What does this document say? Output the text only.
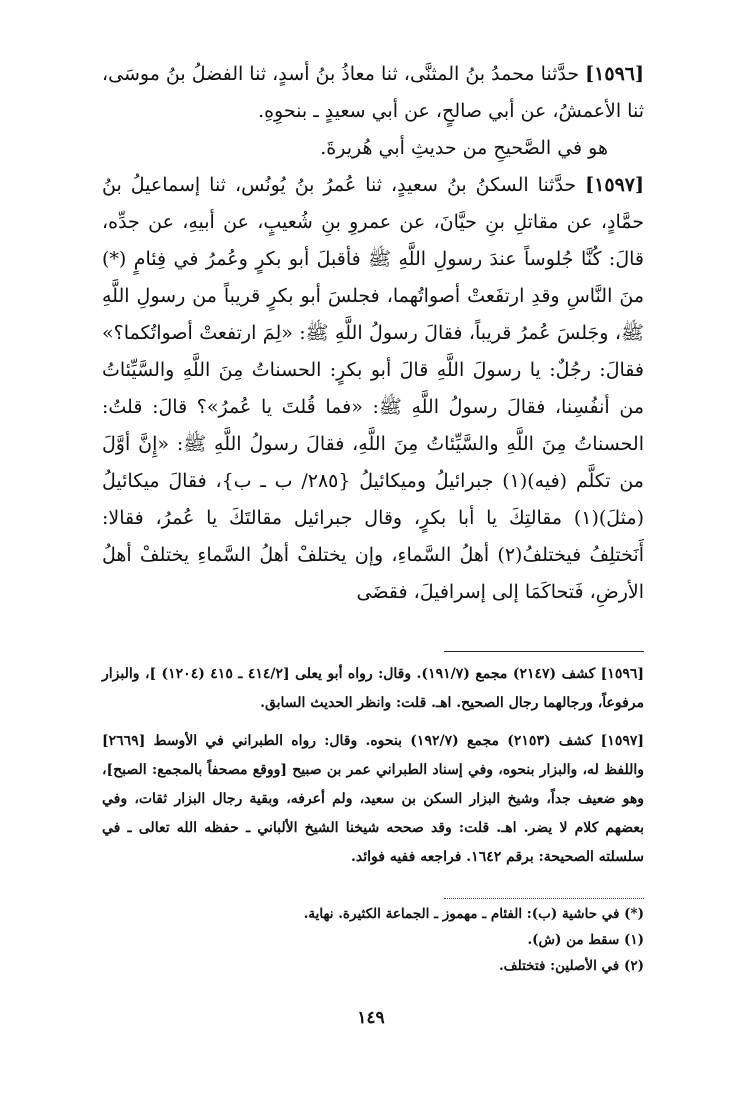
[١٥٩٦] حدَّثنا محمدُ بنُ المثنَّى، ثنا معاذُ بنُ أسدٍ، ثنا الفضلُ بنُ موسَى، ثنا الأعمشُ، عن أبي صالحٍ، عن أبي سعيدٍ ـ بنحوِهِ.

هو في الصَّحيحِ من حديثِ أبي هُريرةَ.

[١٥٩٧] حدَّثنا السكنُ بنُ سعيدٍ، ثنا عُمرُ بنُ يُونُس، ثنا إسماعيلُ بنُ حمَّادٍ، عن مقاتلِ بنِ حيَّانَ، عن عمروِ بنِ شُعيبٍ، عن أبيهِ، عن جدِّه، قالَ: كُنَّا جُلوساً عندَ رسولِ اللَّهِ ﷺ فأقبلَ أبو بكرٍ وعُمرُ في فِئامٍ (*) منَ النَّاسِ وقدِ ارتفَعتْ أصواتُهما، فجلسَ أبو بكرٍ قريباً من رسولِ اللَّهِ ﷺ، وجَلسَ عُمرُ قريباً، فقالَ رسولُ اللَّهِ ﷺ: «لِمَ ارتفعتْ أصواتُكما؟» فقالَ: رجُلٌ: يا رسولَ اللَّهِ قالَ أبو بكرٍ: الحسناتُ مِنَ اللَّهِ والسَّيِّئاتُ من أنفُسِنا، فقالَ رسولُ اللَّهِ ﷺ: «فما قُلتَ يا عُمرُ»؟ قالَ: قلتُ: الحسناتُ مِنَ اللَّهِ والسَّيِّئاتُ مِنَ اللَّهِ، فقالَ رسولُ اللَّهِ ﷺ: «إِنَّ أوَّلَ من تكلَّم (فيه)(١) جبرائيلُ وميكائيلُ {٢٨٥/ ب ـ ب}، فقالَ ميكائيلُ (مثلَ)(١) مقالتِكَ يا أبا بكرٍ، وقال جبرائيل مقالتَكَ يا عُمرُ، فقالا: أَنَختلِفُ فيختلفُ(٢) أهلُ السَّماءِ، وإن يختلفْ أهلُ السَّماءِ يختلفْ أهلُ الأرضِ، فَتحاكَمَا إلى إسرافيلَ، فقضَى

[١٥٩٦] كشف (٢١٤٧) مجمع (١٩١/٧). وقال: رواه أبو يعلى [٤١٤/٢ ـ ٤١٥ (١٢٠٤) ]، والبزار مرفوعاً، ورجالهما رجال الصحيح. اهـ. قلت: وانظر الحديث السابق.

[١٥٩٧] كشف (٢١٥٣) مجمع (١٩٢/٧) بنحوه. وقال: رواه الطبراني في الأوسط [٢٦٦٩] واللفظ له، والبزار بنحوه، وفي إسناد الطبراني عمر بن صبيح [ووقع مصحفاً بالمجمع: الصبح]، وهو ضعيف جداً، وشيخ البزار السكن بن سعيد، ولم أعرفه، وبقية رجال البزار ثقات، وفي بعضهم كلام لا يضر. اهـ. قلت: وقد صححه شيخنا الشيخ الألباني ـ حفظه الله تعالى ـ في سلسلته الصحيحة: برقم ١٦٤٢. فراجعه ففيه فوائد.

(*) في حاشية (ب): الفئام ـ مهموز ـ الجماعة الكثيرة. نهاية.

(١) سقط من (ش).

(٢) في الأصلين: فتختلف.

١٤٩
